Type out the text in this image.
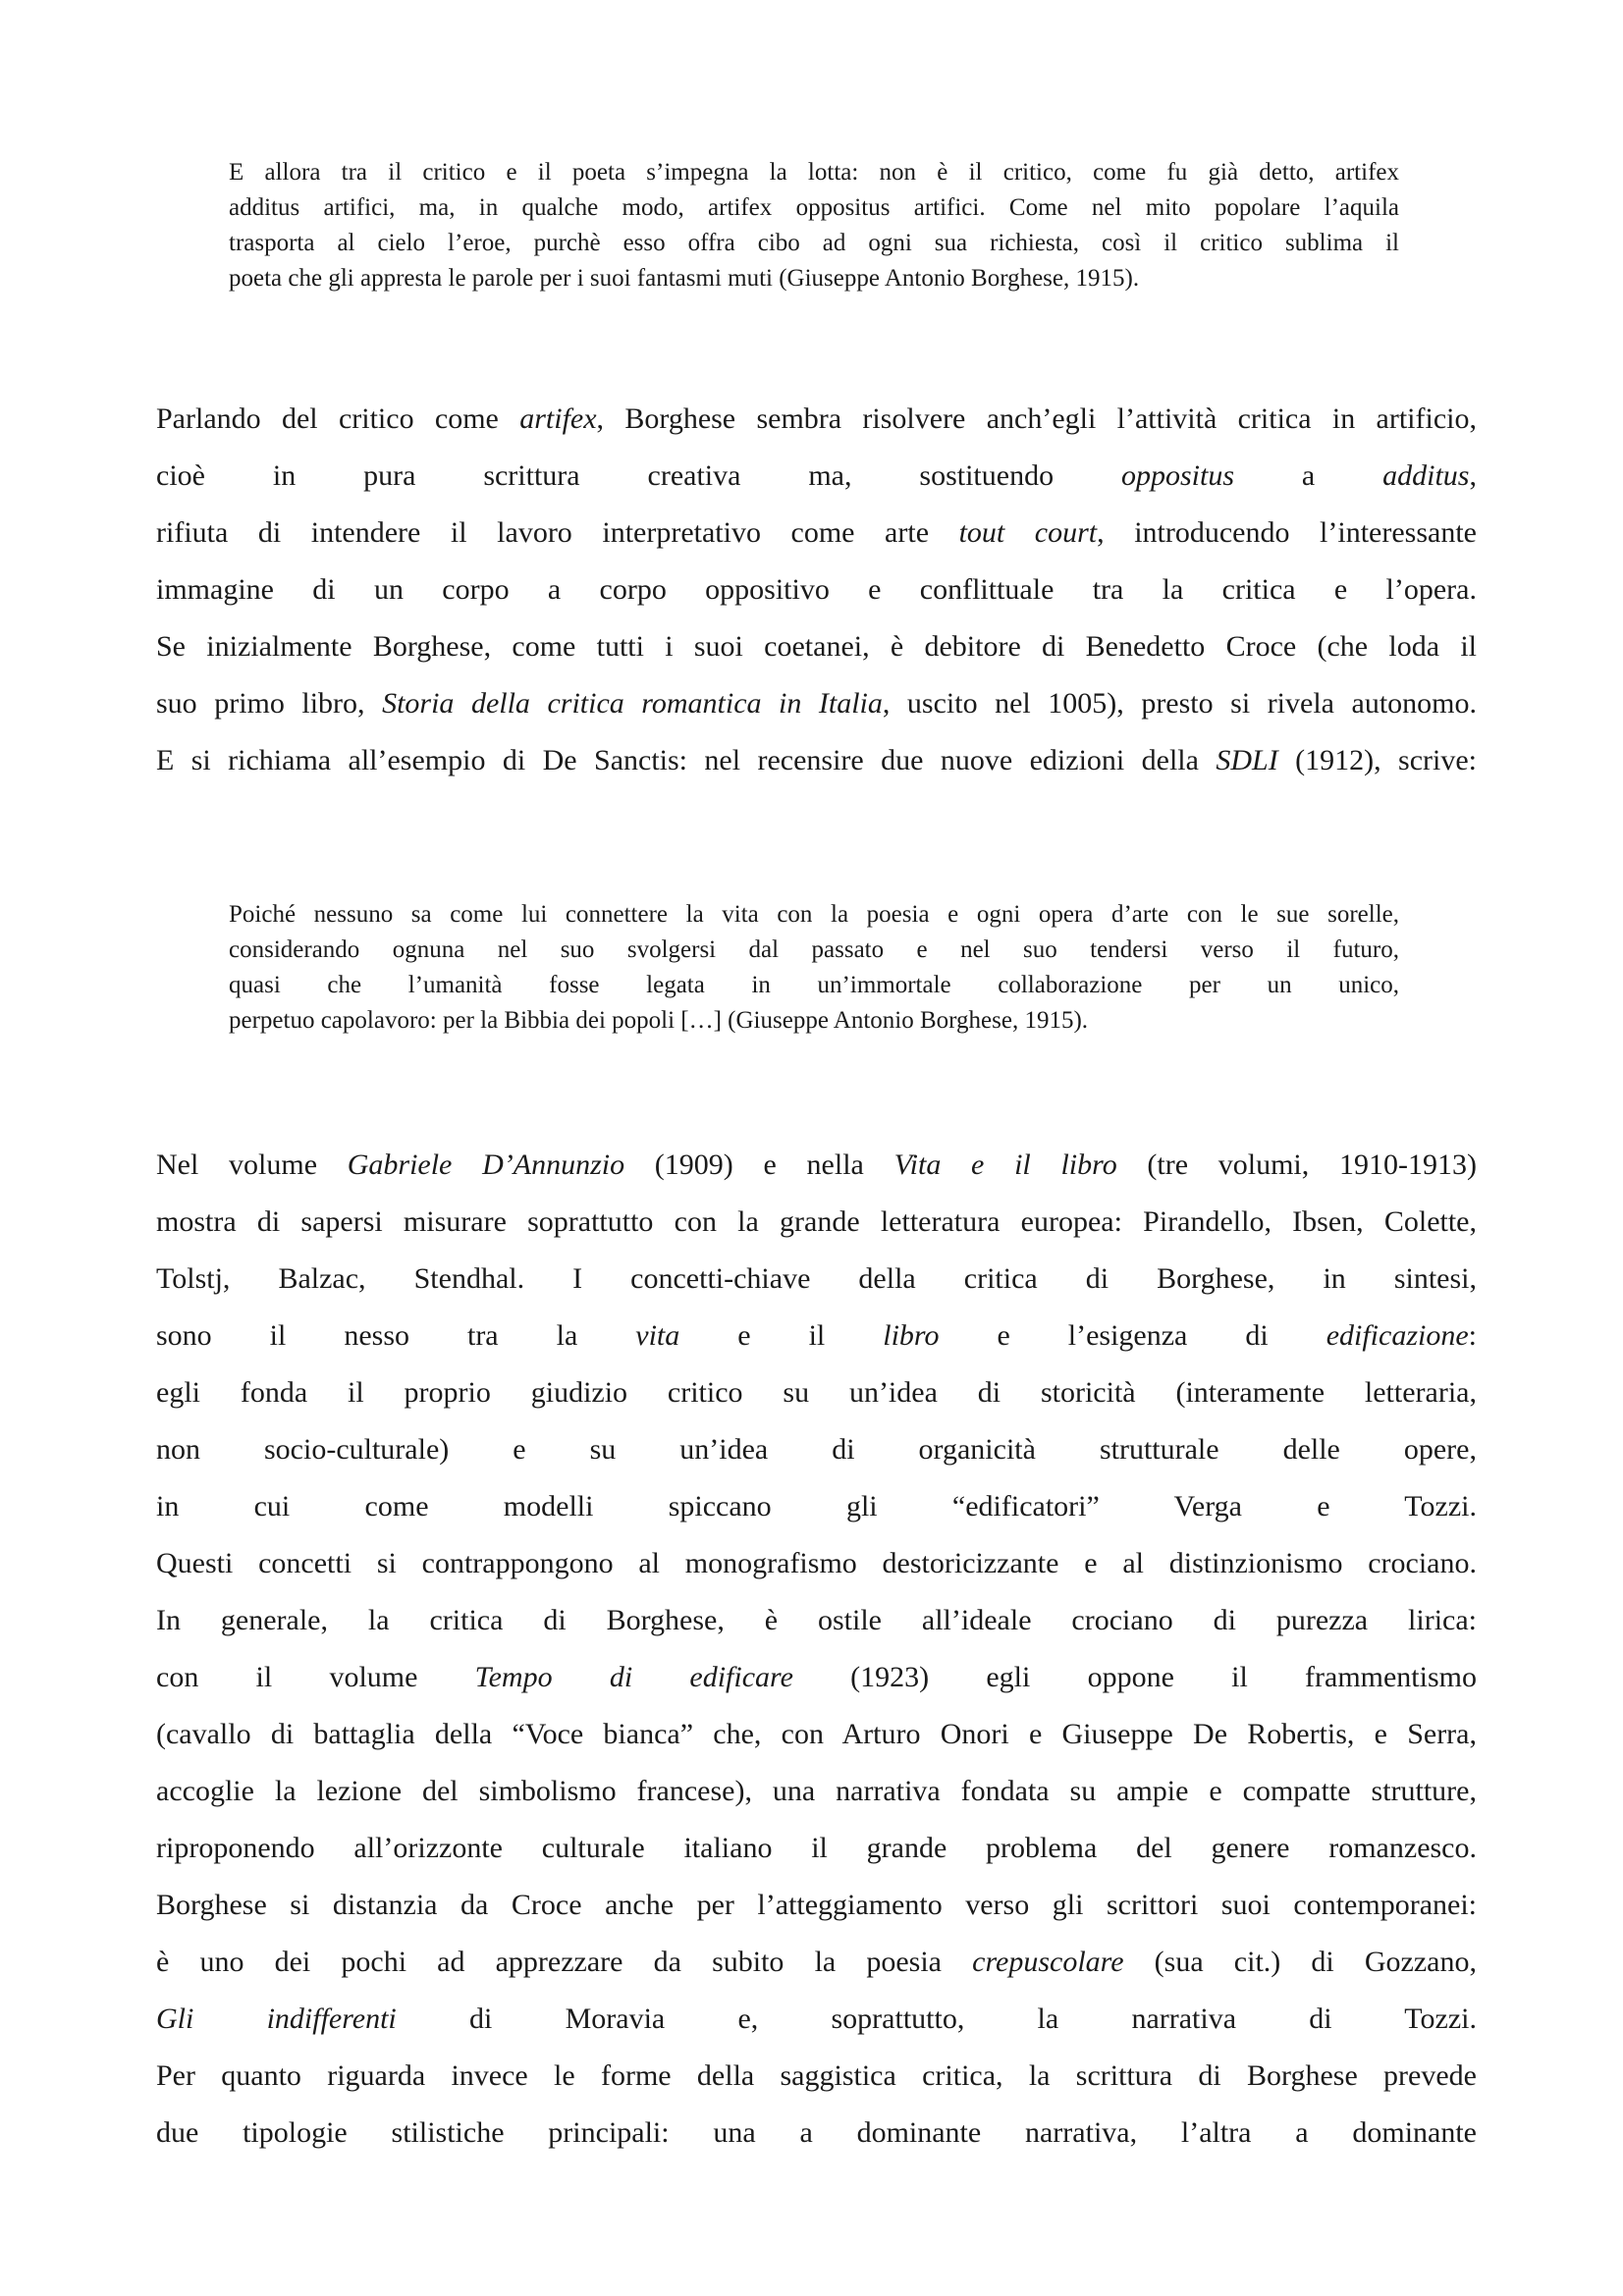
E allora tra il critico e il poeta s’impegna la lotta: non è il critico, come fu già detto, artifex
additus artifici, ma, in qualche modo, artifex oppositus artifici. Come nel mito popolare l’aquila
trasporta al cielo l’eroe, purchè esso offra cibo ad ogni sua richiesta, così il critico sublima il
poeta che gli appresta le parole per i suoi fantasmi muti (Giuseppe Antonio Borghese, 1915).
Parlando del critico come artifex, Borghese sembra risolvere anch’egli l’attività critica in artificio,
cioè in pura scrittura creativa ma, sostituendo oppositus a additus,
rifiuta di intendere il lavoro interpretativo come arte tout court, introducendo l’interessante
immagine di un corpo a corpo oppositivo e conflittuale tra la critica e l’opera.
Se inizialmente Borghese, come tutti i suoi coetanei, è debitore di Benedetto Croce (che loda il
suo primo libro, Storia della critica romantica in Italia, uscito nel 1005), presto si rivela autonomo.
E si richiama all’esempio di De Sanctis: nel recensire due nuove edizioni della SDLI (1912), scrive:
Poiché nessuno sa come lui connettere la vita con la poesia e ogni opera d’arte con le sue sorelle,
considerando ognuna nel suo svolgersi dal passato e nel suo tendersi verso il futuro,
quasi che l’umanità fosse legata in un’immortale collaborazione per un unico,
perpetuo capolavoro: per la Bibbia dei popoli […] (Giuseppe Antonio Borghese, 1915).
Nel volume Gabriele D’Annunzio (1909) e nella Vita e il libro (tre volumi, 1910-1913)
mostra di sapersi misurare soprattutto con la grande letteratura europea: Pirandello, Ibsen, Colette,
Tolstj, Balzac, Stendhal. I concetti-chiave della critica di Borghese, in sintesi,
sono il nesso tra la vita e il libro e l’esigenza di edificazione:
egli fonda il proprio giudizio critico su un’idea di storicità (interamente letteraria,
non socio-culturale) e su un’idea di organicità strutturale delle opere,
in cui come modelli spiccano gli “edificatori” Verga e Tozzi.
Questi concetti si contrappongono al monografismo destoricizzante e al distinzionismo crociano.
In generale, la critica di Borghese, è ostile all’ideale crociano di purezza lirica:
con il volume Tempo di edificare (1923) egli oppone il frammentismo
(cavallo di battaglia della “Voce bianca” che, con Arturo Onori e Giuseppe De Robertis, e Serra,
accoglie la lezione del simbolismo francese), una narrativa fondata su ampie e compatte strutture,
riproponendo all’orizzonte culturale italiano il grande problema del genere romanzesco.
Borghese si distanzia da Croce anche per l’atteggiamento verso gli scrittori suoi contemporanei:
è uno dei pochi ad apprezzare da subito la poesia crepuscolare (sua cit.) di Gozzano,
Gli indifferenti di Moravia e, soprattutto, la narrativa di Tozzi.
Per quanto riguarda invece le forme della saggistica critica, la scrittura di Borghese prevede
due tipologie stilistiche principali: una a dominante narrativa, l’altra a dominante
